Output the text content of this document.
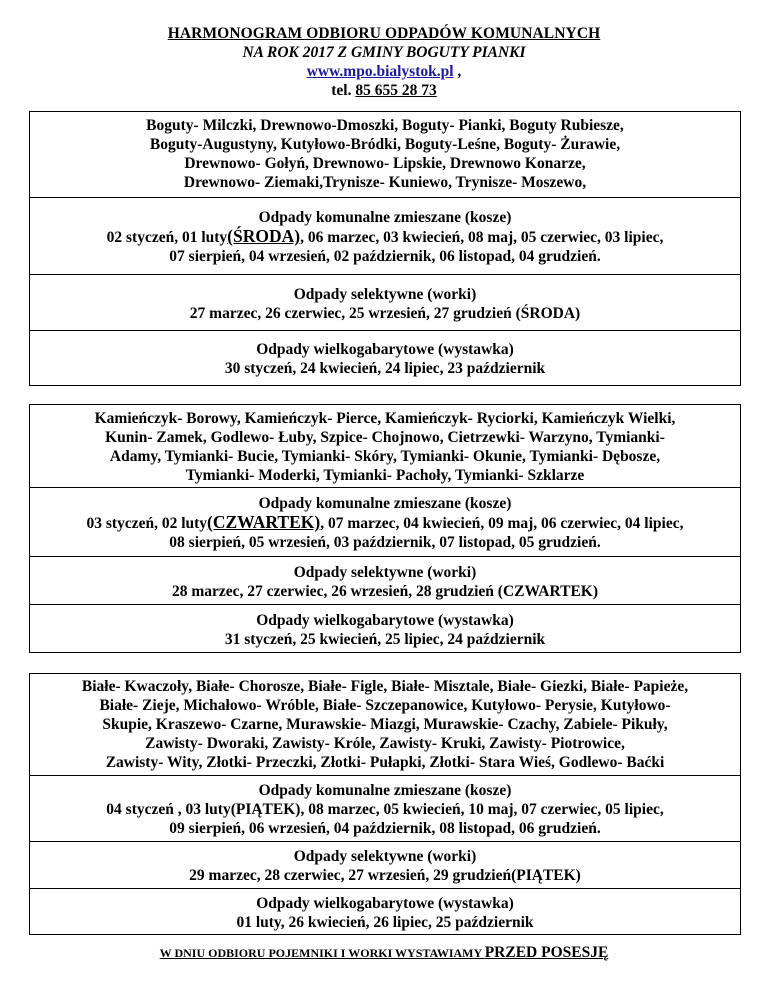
HARMONOGRAM ODBIORU ODPADÓW KOMUNALNYCH
NA ROK 2017 Z GMINY BOGUTY PIANKI
www.mpo.bialystok.pl ,
tel. 85 655 28 73
Boguty- Milczki, Drewnowo-Dmoszki, Boguty- Pianki, Boguty Rubiesze,
Boguty-Augustyny, Kutyłowo-Bródki, Boguty-Leśne, Boguty- Żurawie,
Drewnowo- Gołyń, Drewnowo- Lipskie, Drewnowo Konarze,
Drewnowo- Ziemaki,Trynisze- Kuniewo, Trynisze- Moszewo,
Odpady komunalne zmieszane (kosze)
02 styczeń, 01 luty(ŚRODA), 06 marzec, 03 kwiecień, 08 maj, 05 czerwiec, 03 lipiec,
07 sierpień, 04 wrzesień, 02 październik, 06 listopad, 04 grudzień.
Odpady selektywne (worki)
27 marzec, 26 czerwiec, 25 wrzesień, 27 grudzień (ŚRODA)
Odpady wielkogabarytowe (wystawka)
30 styczeń, 24 kwiecień, 24 lipiec, 23 październik
Kamieńczyk- Borowy, Kamieńczyk- Pierce, Kamieńczyk- Ryciorki, Kamieńczyk Wielki,
Kunin- Zamek, Godlewo- Łuby, Szpice- Chojnowo, Cietrzewki- Warzyno, Tymianki-
Adamy, Tymianki- Bucie, Tymianki- Skóry, Tymianki- Okunie, Tymianki- Dębosze,
Tymianki- Moderki, Tymianki- Pachoły, Tymianki- Szklarze
Odpady komunalne zmieszane (kosze)
03 styczeń, 02 luty(CZWARTEK), 07 marzec, 04 kwiecień, 09 maj, 06 czerwiec, 04 lipiec,
08 sierpień, 05 wrzesień, 03 październik, 07 listopad, 05 grudzień.
Odpady selektywne (worki)
28 marzec, 27 czerwiec, 26 wrzesień, 28 grudzień (CZWARTEK)
Odpady wielkogabarytowe (wystawka)
31 styczeń, 25 kwiecień, 25 lipiec, 24 październik
Białe- Kwaczoły, Białe- Chorosze, Białe- Figle, Białe- Misztale, Białe- Giezki, Białe- Papieże,
Białe- Zieje, Michałowo- Wróble, Białe- Szczepanowice, Kutyłowo- Perysie, Kutyłowo-
Skupie, Kraszewo- Czarne, Murawskie- Miazgi, Murawskie- Czachy, Zabiele- Pikuły,
Zawisty- Dworaki, Zawisty- Króle, Zawisty- Kruki, Zawisty- Piotrowice,
Zawisty- Wity, Złotki- Przeczki, Złotki- Pułapki, Złotki- Stara Wieś, Godlewo- Baćki
Odpady komunalne zmieszane (kosze)
04 styczeń , 03 luty(PIĄTEK), 08 marzec, 05 kwiecień, 10 maj, 07 czerwiec, 05 lipiec,
09 sierpień, 06 wrzesień, 04 październik, 08 listopad, 06 grudzień.
Odpady selektywne (worki)
29 marzec, 28 czerwiec, 27 wrzesień, 29 grudzień(PIĄTEK)
Odpady wielkogabarytowe (wystawka)
01 luty, 26 kwiecień, 26 lipiec, 25 październik
W DNIU ODBIORU POJEMNIKI I WORKI WYSTAWIAMY PRZED POSESJĘ
